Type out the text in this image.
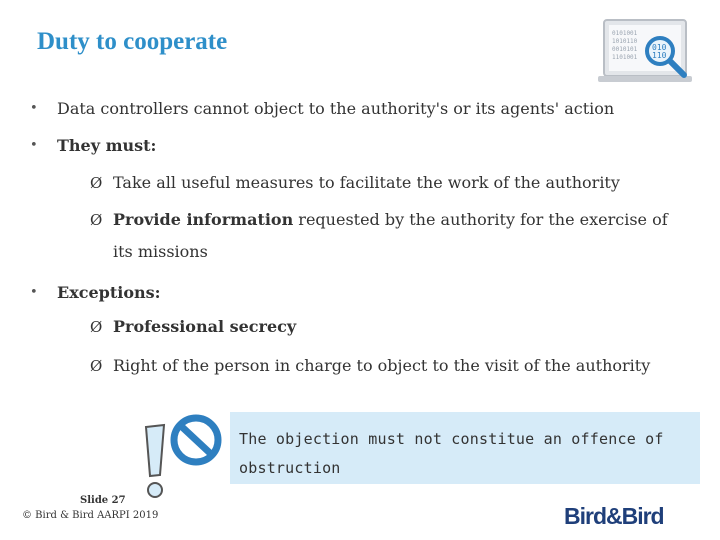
Duty to cooperate	0101001
1010110
0010101
1101001
010
110
• Data controllers cannot object to the authority's or its agents' action
• They must:
Ø Take all useful measures to facilitate the work of the authority
Ø Provide information requested by the authority for the exercise of
its missions
• Exceptions:
Ø Professional secrecy
Ø Right of the person in charge to object to the visit of the authority
The objection must not constitue an offence of
obstruction
Slide 27
© Bird & Bird AARPI 2019	Bird&Bird
